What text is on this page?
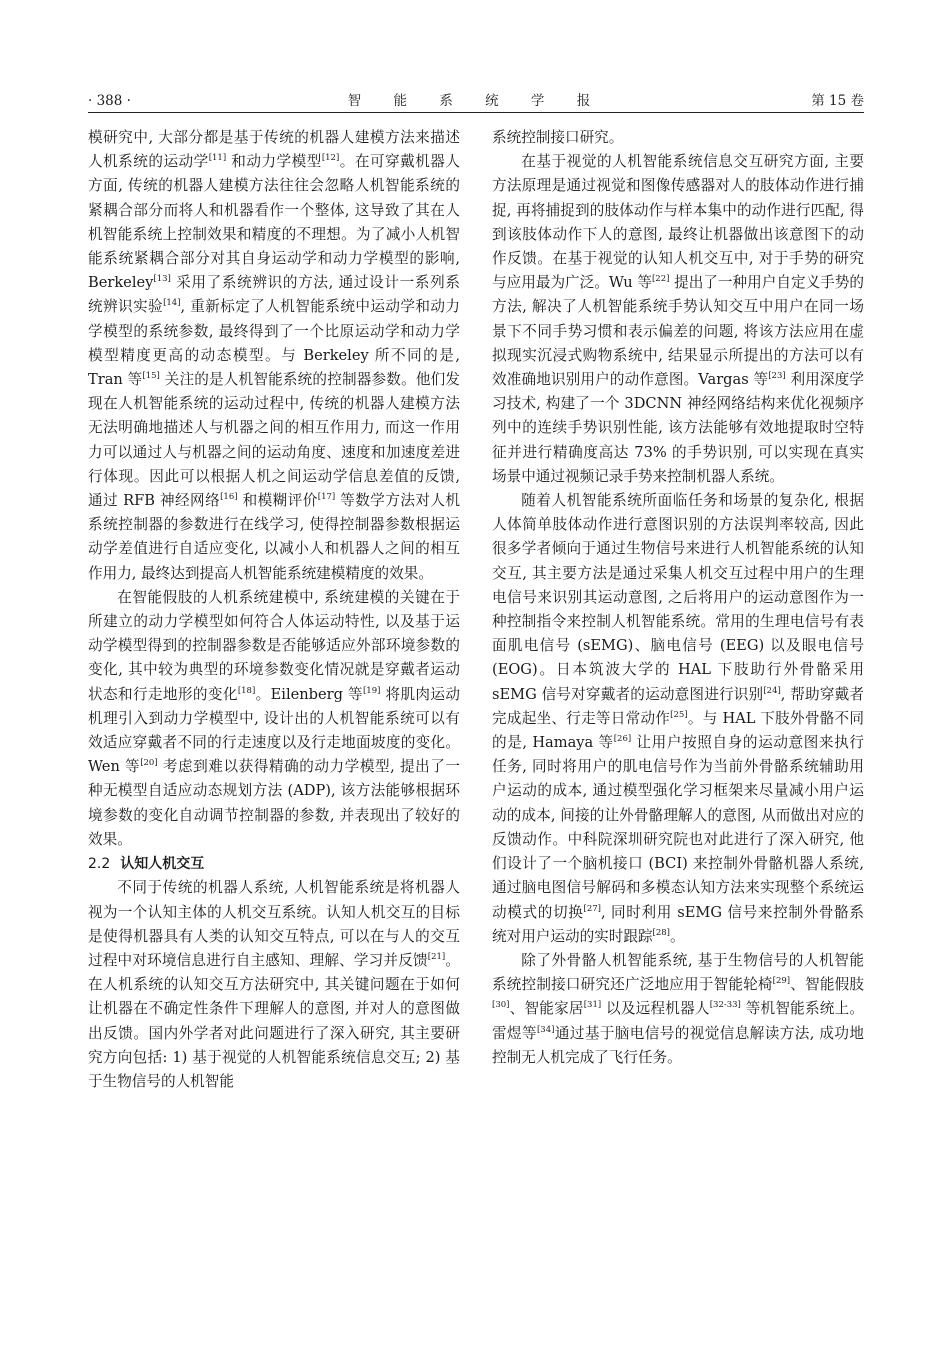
· 388 ·	智 能 系 统 学 报	第 15 卷

模研究中, 大部分都是基于传统的机器人建模方法来描述人机系统的运动学[11] 和动力学模型[12]。在可穿戴机器人方面, 传统的机器人建模方法往往会忽略人机智能系统的紧耦合部分而将人和机器看作一个整体, 这导致了其在人机智能系统上控制效果和精度的不理想。为了减小人机智能系统紧耦合部分对其自身运动学和动力学模型的影响, Berkeley[13] 采用了系统辨识的方法, 通过设计一系列系统辨识实验[14], 重新标定了人机智能系统中运动学和动力学模型的系统参数, 最终得到了一个比原运动学和动力学模型精度更高的动态模型。与 Berkeley 所不同的是, Tran 等[15] 关注的是人机智能系统的控制器参数。他们发现在人机智能系统的运动过程中, 传统的机器人建模方法无法明确地描述人与机器之间的相互作用力, 而这一作用力可以通过人与机器之间的运动角度、速度和加速度差进行体现。因此可以根据人机之间运动学信息差值的反馈, 通过 RFB 神经网络[16] 和模糊评价[17] 等数学方法对人机系统控制器的参数进行在线学习, 使得控制器参数根据运动学差值进行自适应变化, 以减小人和机器人之间的相互作用力, 最终达到提高人机智能系统建模精度的效果。

在智能假肢的人机系统建模中, 系统建模的关键在于所建立的动力学模型如何符合人体运动特性, 以及基于运动学模型得到的控制器参数是否能够适应外部环境参数的变化, 其中较为典型的环境参数变化情况就是穿戴者运动状态和行走地形的变化[18]。Eilenberg 等[19] 将肌肉运动机理引入到动力学模型中, 设计出的人机智能系统可以有效适应穿戴者不同的行走速度以及行走地面坡度的变化。Wen 等[20] 考虑到难以获得精确的动力学模型, 提出了一种无模型自适应动态规划方法 (ADP), 该方法能够根据环境参数的变化自动调节控制器的参数, 并表现出了较好的效果。

2.2 认知人机交互

不同于传统的机器人系统, 人机智能系统是将机器人视为一个认知主体的人机交互系统。认知人机交互的目标是使得机器具有人类的认知交互特点, 可以在与人的交互过程中对环境信息进行自主感知、理解、学习并反馈[21]。在人机系统的认知交互方法研究中, 其关键问题在于如何让机器在不确定性条件下理解人的意图, 并对人的意图做出反馈。国内外学者对此问题进行了深入研究, 其主要研究方向包括: 1) 基于视觉的人机智能系统信息交互; 2) 基于生物信号的人机智能

系统控制接口研究。

在基于视觉的人机智能系统信息交互研究方面, 主要方法原理是通过视觉和图像传感器对人的肢体动作进行捕捉, 再将捕捉到的肢体动作与样本集中的动作进行匹配, 得到该肢体动作下人的意图, 最终让机器做出该意图下的动作反馈。在基于视觉的认知人机交互中, 对于手势的研究与应用最为广泛。Wu 等[22] 提出了一种用户自定义手势的方法, 解决了人机智能系统手势认知交互中用户在同一场景下不同手势习惯和表示偏差的问题, 将该方法应用在虚拟现实沉浸式购物系统中, 结果显示所提出的方法可以有效准确地识别用户的动作意图。Vargas 等[23] 利用深度学习技术, 构建了一个 3DCNN 神经网络结构来优化视频序列中的连续手势识别性能, 该方法能够有效地提取时空特征并进行精确度高达 73% 的手势识别, 可以实现在真实场景中通过视频记录手势来控制机器人系统。

随着人机智能系统所面临任务和场景的复杂化, 根据人体简单肢体动作进行意图识别的方法误判率较高, 因此很多学者倾向于通过生物信号来进行人机智能系统的认知交互, 其主要方法是通过采集人机交互过程中用户的生理电信号来识别其运动意图, 之后将用户的运动意图作为一种控制指令来控制人机智能系统。常用的生理电信号有表面肌电信号 (sEMG)、脑电信号 (EEG) 以及眼电信号 (EOG)。日本筑波大学的 HAL 下肢助行外骨骼采用 sEMG 信号对穿戴者的运动意图进行识别[24], 帮助穿戴者完成起坐、行走等日常动作[25]。与 HAL 下肢外骨骼不同的是, Hamaya 等[26] 让用户按照自身的运动意图来执行任务, 同时将用户的肌电信号作为当前外骨骼系统辅助用户运动的成本, 通过模型强化学习框架来尽量减小用户运动的成本, 间接的让外骨骼理解人的意图, 从而做出对应的反馈动作。中科院深圳研究院也对此进行了深入研究, 他们设计了一个脑机接口 (BCI) 来控制外骨骼机器人系统, 通过脑电图信号解码和多模态认知方法来实现整个系统运动模式的切换[27], 同时利用 sEMG 信号来控制外骨骼系统对用户运动的实时跟踪[28]。

除了外骨骼人机智能系统, 基于生物信号的人机智能系统控制接口研究还广泛地应用于智能轮椅[29]、智能假肢[30]、智能家居[31] 以及远程机器人[32-33] 等机智能系统上。雷煜等[34]通过基于脑电信号的视觉信息解读方法, 成功地控制无人机完成了飞行任务。
